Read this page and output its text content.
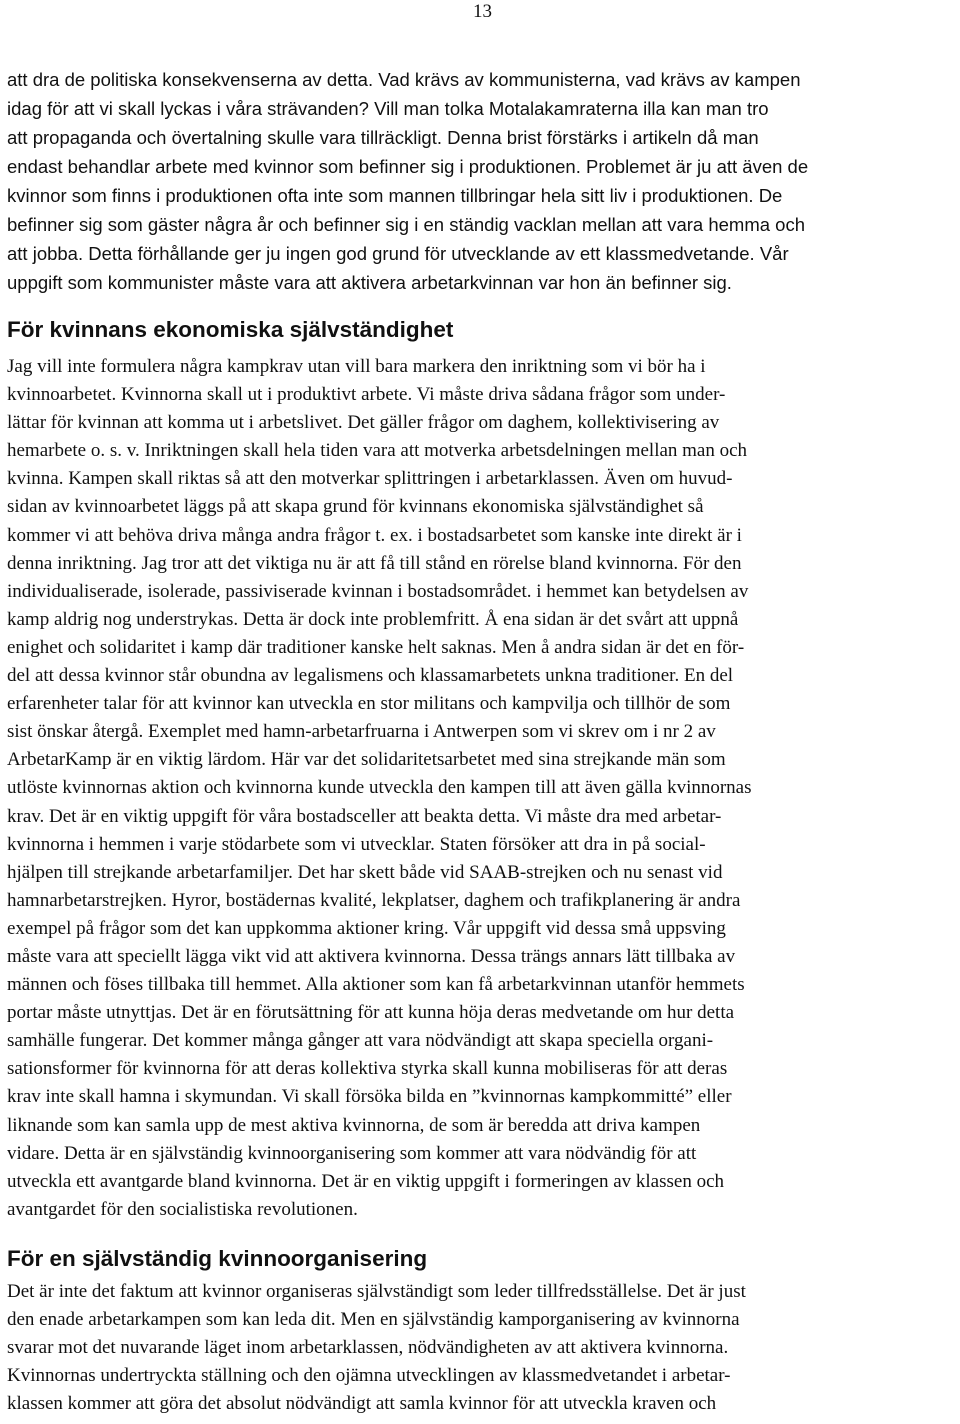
13

att dra de politiska konsekvenserna av detta. Vad krävs av kommunisterna, vad krävs av kampen
idag för att vi skall lyckas i våra strävanden? Vill man tolka Motalakamraterna illa kan man tro
att propaganda och övertalning skulle vara tillräckligt. Denna brist förstärks i artikeln då man
endast behandlar arbete med kvinnor som befinner sig i produktionen. Problemet är ju att även de
kvinnor som finns i produktionen ofta inte som mannen tillbringar hela sitt liv i produktionen. De
befinner sig som gäster några år och befinner sig i en ständig vacklan mellan att vara hemma och
att jobba. Detta förhållande ger ju ingen god grund för utvecklande av ett klassmedvetande. Vår
uppgift som kommunister måste vara att aktivera arbetarkvinnan var hon än befinner sig.

För kvinnans ekonomiska självständighet

Jag vill inte formulera några kampkrav utan vill bara markera den inriktning som vi bör ha i
kvinnoarbetet. Kvinnorna skall ut i produktivt arbete. Vi måste driva sådana frågor som under-
lättar för kvinnan att komma ut i arbetslivet. Det gäller frågor om daghem, kollektivisering av
hemarbete o. s. v. Inriktningen skall hela tiden vara att motverka arbetsdelningen mellan man och
kvinna. Kampen skall riktas så att den motverkar splittringen i arbetarklassen. Även om huvud-
sidan av kvinnoarbetet läggs på att skapa grund för kvinnans ekonomiska självständighet så
kommer vi att behöva driva många andra frågor t. ex. i bostadsarbetet som kanske inte direkt är i
denna inriktning. Jag tror att det viktiga nu är att få till stånd en rörelse bland kvinnorna. För den
individualiserade, isolerade, passiviserade kvinnan i bostadsområdet. i hemmet kan betydelsen av
kamp aldrig nog understrykas. Detta är dock inte problemfritt. Å ena sidan är det svårt att uppnå
enighet och solidaritet i kamp där traditioner kanske helt saknas. Men å andra sidan är det en för-
del att dessa kvinnor står obundna av legalismens och klassamarbetets unkna traditioner. En del
erfarenheter talar för att kvinnor kan utveckla en stor militans och kampvilja och tillhör de som
sist önskar återgå. Exemplet med hamn-arbetarfruarna i Antwerpen som vi skrev om i nr 2 av
ArbetarKamp är en viktig lärdom. Här var det solidaritetsarbetet med sina strejkande män som
utlöste kvinnornas aktion och kvinnorna kunde utveckla den kampen till att även gälla kvinnornas
krav. Det är en viktig uppgift för våra bostadsceller att beakta detta. Vi måste dra med arbetar-
kvinnorna i hemmen i varje stödarbete som vi utvecklar. Staten försöker att dra in på social-
hjälpen till strejkande arbetarfamiljer. Det har skett både vid SAAB-strejken och nu senast vid
hamnarbetarstrejken. Hyror, bostädernas kvalité, lekplatser, daghem och trafikplanering är andra
exempel på frågor som det kan uppkomma aktioner kring. Vår uppgift vid dessa små uppsving
måste vara att speciellt lägga vikt vid att aktivera kvinnorna. Dessa trängs annars lätt tillbaka av
männen och föses tillbaka till hemmet. Alla aktioner som kan få arbetarkvinnan utanför hemmets
portar måste utnyttjas. Det är en förutsättning för att kunna höja deras medvetande om hur detta
samhälle fungerar. Det kommer många gånger att vara nödvändigt att skapa speciella organi-
sationsformer för kvinnorna för att deras kollektiva styrka skall kunna mobiliseras för att deras
krav inte skall hamna i skymundan. Vi skall försöka bilda en ”kvinnornas kampkommitté” eller
liknande som kan samla upp de mest aktiva kvinnorna, de som är beredda att driva kampen
vidare. Detta är en självständig kvinnoorganisering som kommer att vara nödvändig för att
utveckla ett avantgarde bland kvinnorna. Det är en viktig uppgift i formeringen av klassen och
avantgardet för den socialistiska revolutionen.

För en självständig kvinnoorganisering

Det är inte det faktum att kvinnor organiseras självständigt som leder tillfredsställelse. Det är just
den enade arbetarkampen som kan leda dit. Men en självständig kamporganisering av kvinnorna
svarar mot det nuvarande läget inom arbetarklassen, nödvändigheten av att aktivera kvinnorna.
Kvinnornas undertryckta ställning och den ojämna utvecklingen av klassmedvetandet i arbetar-
klassen kommer att göra det absolut nödvändigt att samla kvinnor för att utveckla kraven och
